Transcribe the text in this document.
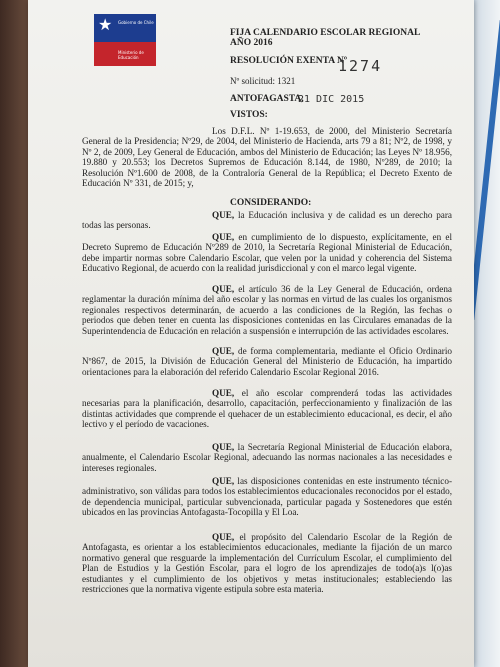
★ Gobierno de Chile
Ministerio de Educación
FIJA CALENDARIO ESCOLAR REGIONAL
AÑO 2016
RESOLUCIÓN EXENTA Nº
1274
Nº solicitud: 1321
ANTOFAGASTA,
21 DIC 2015
VISTOS:
Los D.F.L. Nº 1-19.653, de 2000, del Ministerio Secretaría General de la Presidencia; Nº29, de 2004, del Ministerio de Hacienda, arts 79 a 81; Nº2, de 1998, y Nº 2, de 2009, Ley General de Educación, ambos del Ministerio de Educación; las Leyes Nº 18.956, 19.880 y 20.553; los Decretos Supremos de Educación 8.144, de 1980, Nº289, de 2010; la Resolución Nº1.600 de 2008, de la Contraloría General de la República; el Decreto Exento de Educación Nº 331, de 2015; y,
CONSIDERANDO:
QUE, la Educación inclusiva y de calidad es un derecho para todas las personas.
QUE, en cumplimiento de lo dispuesto, explícitamente, en el Decreto Supremo de Educación Nº289 de 2010, la Secretaría Regional Ministerial de Educación, debe impartir normas sobre Calendario Escolar, que velen por la unidad y coherencia del Sistema Educativo Regional, de acuerdo con la realidad jurisdiccional y con el marco legal vigente.
QUE, el artículo 36 de la Ley General de Educación, ordena reglamentar la duración mínima del año escolar y las normas en virtud de las cuales los organismos regionales respectivos determinarán, de acuerdo a las condiciones de la Región, las fechas o periodos que deben tener en cuenta las disposiciones contenidas en las Circulares emanadas de la Superintendencia de Educación en relación a suspensión e interrupción de las actividades escolares.
QUE, de forma complementaria, mediante el Oficio Ordinario Nº867, de 2015, la División de Educación General del Ministerio de Educación, ha impartido orientaciones para la elaboración del referido Calendario Escolar Regional 2016.
QUE, el año escolar comprenderá todas las actividades necesarias para la planificación, desarrollo, capacitación, perfeccionamiento y finalización de las distintas actividades que comprende el quehacer de un establecimiento educacional, es decir, el año lectivo y el período de vacaciones.
QUE, la Secretaría Regional Ministerial de Educación elabora, anualmente, el Calendario Escolar Regional, adecuando las normas nacionales a las necesidades e intereses regionales.
QUE, las disposiciones contenidas en este instrumento técnico-administrativo, son válidas para todos los establecimientos educacionales reconocidos por el estado, de dependencia municipal, particular subvencionada, particular pagada y Sostenedores que estén ubicados en las provincias Antofagasta-Tocopilla y El Loa.
QUE, el propósito del Calendario Escolar de la Región de Antofagasta, es orientar a los establecimientos educacionales, mediante la fijación de un marco normativo general que resguarde la implementación del Currículum Escolar, el cumplimiento del Plan de Estudios y la Gestión Escolar, para el logro de los aprendizajes de todo(a)s l(o)as estudiantes y el cumplimiento de los objetivos y metas institucionales; estableciendo las restricciones que la normativa vigente estipula sobre esta materia.
